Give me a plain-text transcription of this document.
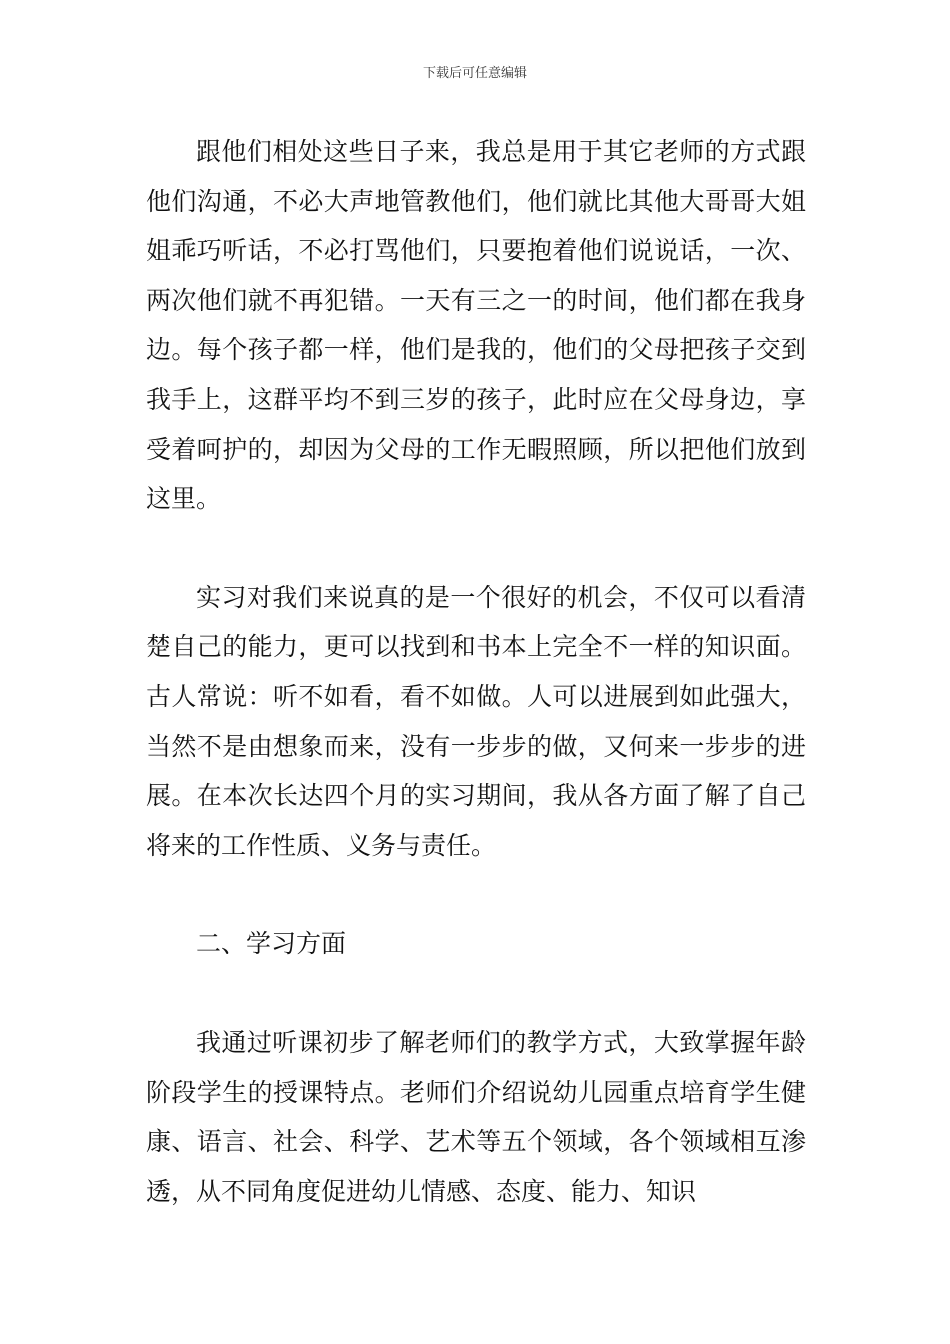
下载后可任意编辑

跟他们相处这些日子来，我总是用于其它老师的方式跟他们沟通，不必大声地管教他们，他们就比其他大哥哥大姐姐乖巧听话，不必打骂他们，只要抱着他们说说话，一次、两次他们就不再犯错。一天有三之一的时间，他们都在我身边。每个孩子都一样，他们是我的，他们的父母把孩子交到我手上，这群平均不到三岁的孩子，此时应在父母身边，享受着呵护的，却因为父母的工作无暇照顾，所以把他们放到这里。

实习对我们来说真的是一个很好的机会，不仅可以看清楚自己的能力，更可以找到和书本上完全不一样的知识面。古人常说：听不如看，看不如做。人可以进展到如此强大，当然不是由想象而来，没有一步步的做，又何来一步步的进展。在本次长达四个月的实习期间，我从各方面了解了自己将来的工作性质、义务与责任。

二、学习方面

我通过听课初步了解老师们的教学方式，大致掌握年龄阶段学生的授课特点。老师们介绍说幼儿园重点培育学生健康、语言、社会、科学、艺术等五个领域，各个领域相互渗透，从不同角度促进幼儿情感、态度、能力、知识
